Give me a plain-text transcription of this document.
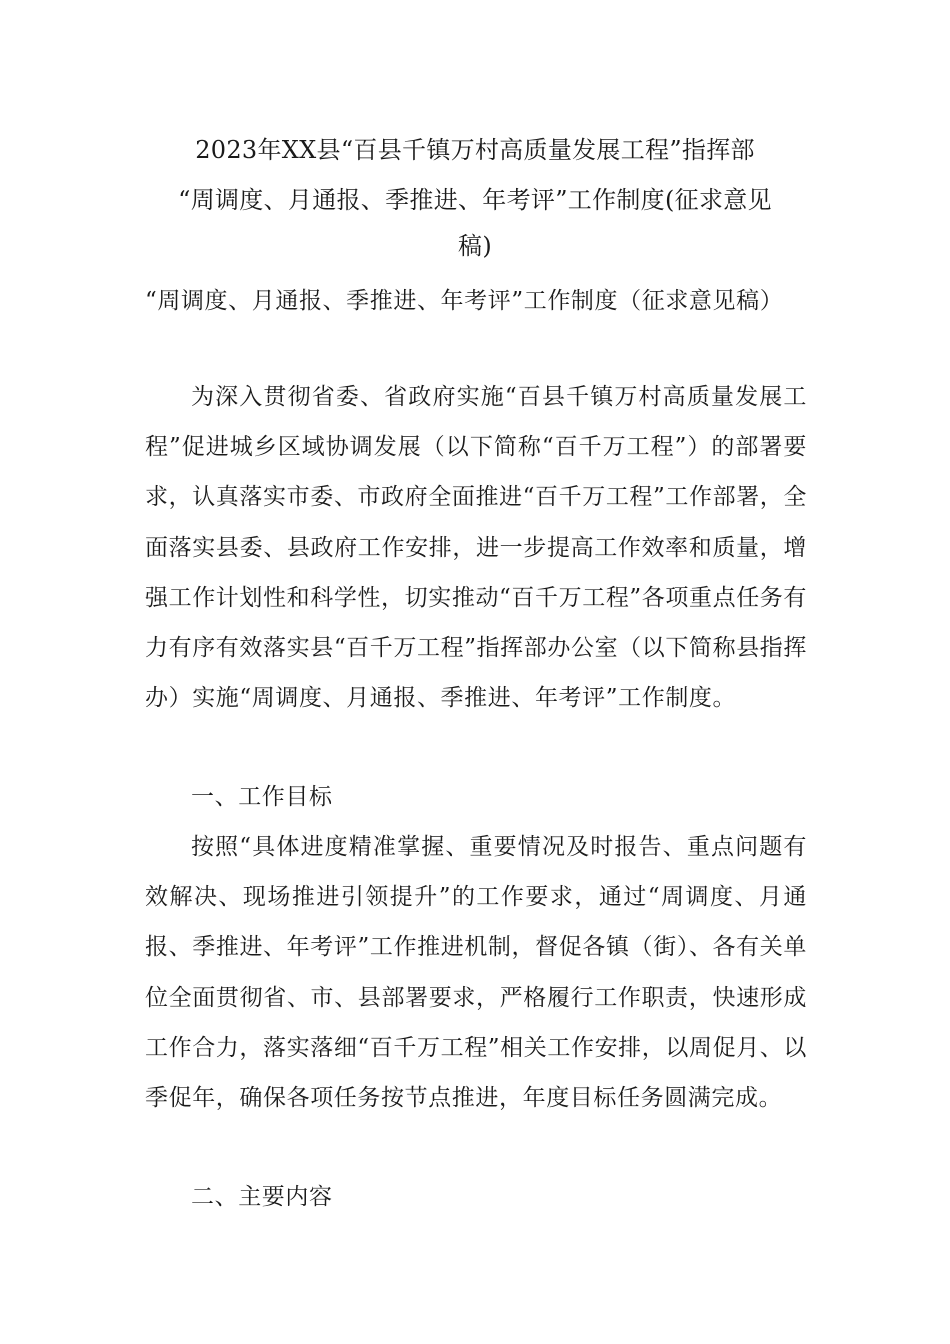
2023年XX县“百县千镇万村高质量发展工程”指挥部
“周调度、月通报、季推进、年考评”工作制度(征求意见
稿)

“周调度、月通报、季推进、年考评”工作制度（征求意见稿）

为深入贯彻省委、省政府实施“百县千镇万村高质量发展工程”促进城乡区域协调发展（以下简称“百千万工程”）的部署要求，认真落实市委、市政府全面推进“百千万工程”工作部署，全面落实县委、县政府工作安排，进一步提高工作效率和质量，增强工作计划性和科学性，切实推动“百千万工程”各项重点任务有力有序有效落实县“百千万工程”指挥部办公室（以下简称县指挥办）实施“周调度、月通报、季推进、年考评”工作制度。

一、工作目标

按照“具体进度精准掌握、重要情况及时报告、重点问题有效解决、现场推进引领提升”的工作要求，通过“周调度、月通报、季推进、年考评”工作推进机制，督促各镇（街）、各有关单位全面贯彻省、市、县部署要求，严格履行工作职责，快速形成工作合力，落实落细“百千万工程”相关工作安排，以周促月、以季促年，确保各项任务按节点推进，年度目标任务圆满完成。

二、主要内容
